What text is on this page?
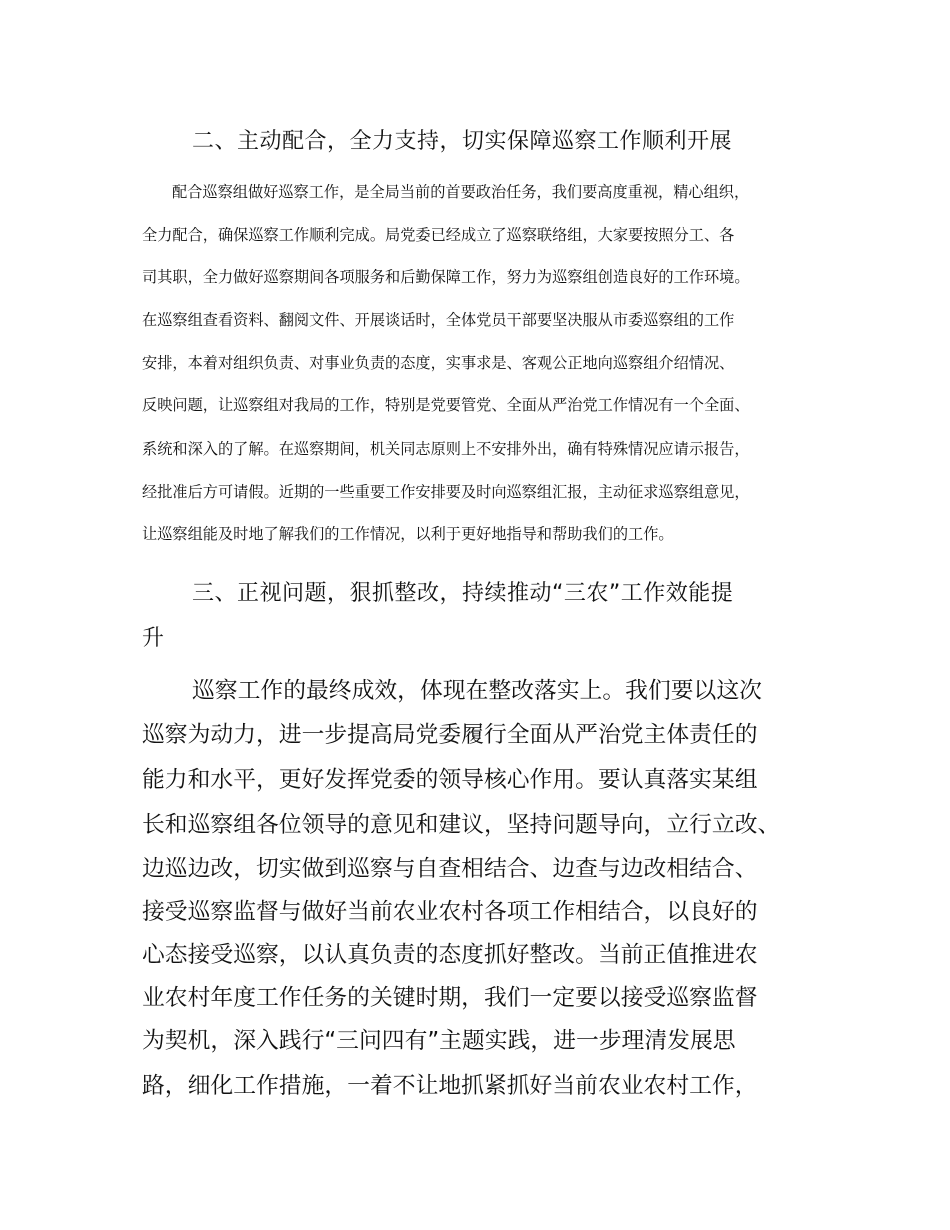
二、主动配合，全力支持，切实保障巡察工作顺利开展

配合巡察组做好巡察工作，是全局当前的首要政治任务，我们要高度重视，精心组织，

全力配合，确保巡察工作顺利完成。局党委已经成立了巡察联络组，大家要按照分工、各

司其职，全力做好巡察期间各项服务和后勤保障工作，努力为巡察组创造良好的工作环境。

在巡察组查看资料、翻阅文件、开展谈话时，全体党员干部要坚决服从市委巡察组的工作

安排，本着对组织负责、对事业负责的态度，实事求是、客观公正地向巡察组介绍情况、

反映问题，让巡察组对我局的工作，特别是党要管党、全面从严治党工作情况有一个全面、

系统和深入的了解。在巡察期间，机关同志原则上不安排外出，确有特殊情况应请示报告，

经批准后方可请假。近期的一些重要工作安排要及时向巡察组汇报，主动征求巡察组意见，

让巡察组能及时地了解我们的工作情况，以利于更好地指导和帮助我们的工作。

三、正视问题，狠抓整改，持续推动“三农”工作效能提
升

巡察工作的最终成效，体现在整改落实上。我们要以这次

巡察为动力，进一步提高局党委履行全面从严治党主体责任的

能力和水平，更好发挥党委的领导核心作用。要认真落实某组

长和巡察组各位领导的意见和建议，坚持问题导向，立行立改、

边巡边改，切实做到巡察与自查相结合、边查与边改相结合、

接受巡察监督与做好当前农业农村各项工作相结合，以良好的

心态接受巡察，以认真负责的态度抓好整改。当前正值推进农

业农村年度工作任务的关键时期，我们一定要以接受巡察监督

为契机，深入践行“三问四有”主题实践，进一步理清发展思

路，细化工作措施，一着不让地抓紧抓好当前农业农村工作，
